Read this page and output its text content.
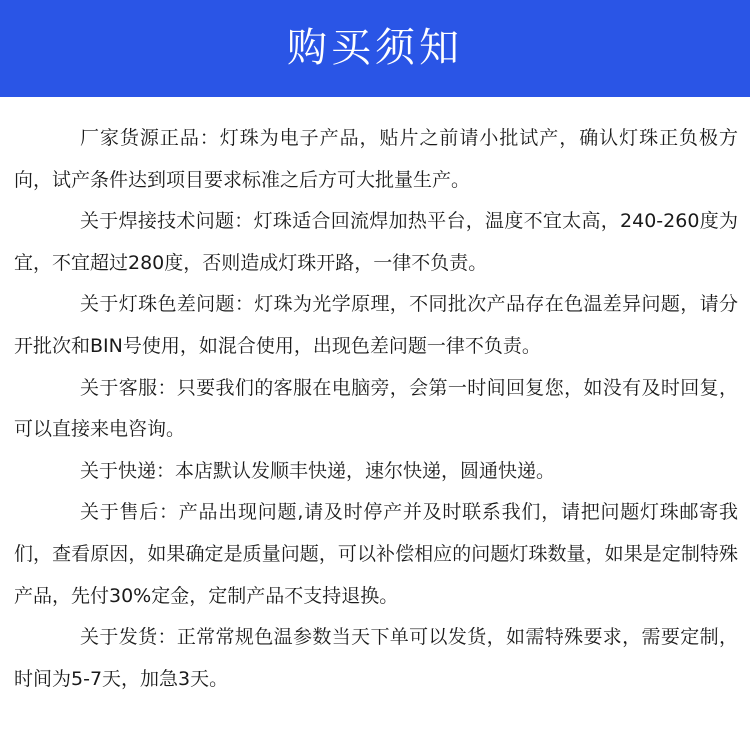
购买须知

厂家货源正品：灯珠为电子产品，贴片之前请小批试产，确认灯珠正负极方向，试产条件达到项目要求标准之后方可大批量生产。

关于焊接技术问题：灯珠适合回流焊加热平台，温度不宜太高，240-260度为宜，不宜超过280度，否则造成灯珠开路，一律不负责。

关于灯珠色差问题：灯珠为光学原理，不同批次产品存在色温差异问题，请分开批次和BIN号使用，如混合使用，出现色差问题一律不负责。

关于客服：只要我们的客服在电脑旁，会第一时间回复您，如没有及时回复，可以直接来电咨询。

关于快递：本店默认发顺丰快递，速尔快递，圆通快递。

关于售后：产品出现问题,请及时停产并及时联系我们，请把问题灯珠邮寄我们，查看原因，如果确定是质量问题，可以补偿相应的问题灯珠数量，如果是定制特殊产品，先付30%定金，定制产品不支持退换。

关于发货：正常常规色温参数当天下单可以发货，如需特殊要求，需要定制，时间为5-7天，加急3天。
